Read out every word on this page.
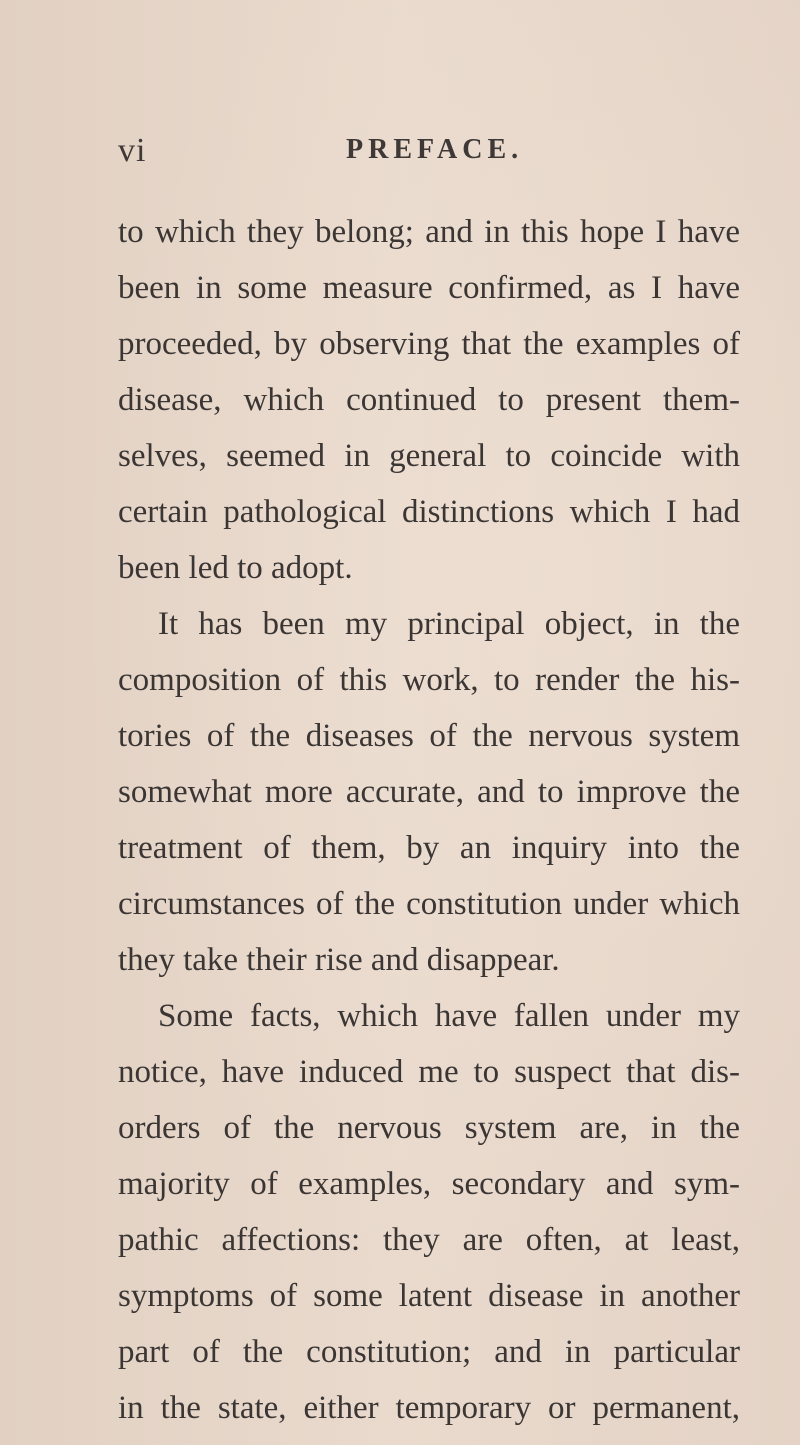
vi	PREFACE.
to which they belong; and in this hope I have
been in some measure confirmed, as I have
proceeded, by observing that the examples of
disease, which continued to present them-
selves, seemed in general to coincide with
certain pathological distinctions which I had
been led to adopt.
It has been my principal object, in the
composition of this work, to render the his-
tories of the diseases of the nervous system
somewhat more accurate, and to improve the
treatment of them, by an inquiry into the
circumstances of the constitution under which
they take their rise and disappear.
Some facts, which have fallen under my
notice, have induced me to suspect that dis-
orders of the nervous system are, in the
majority of examples, secondary and sym-
pathic affections: they are often, at least,
symptoms of some latent disease in another
part of the constitution; and in particular
in the state, either temporary or permanent,
